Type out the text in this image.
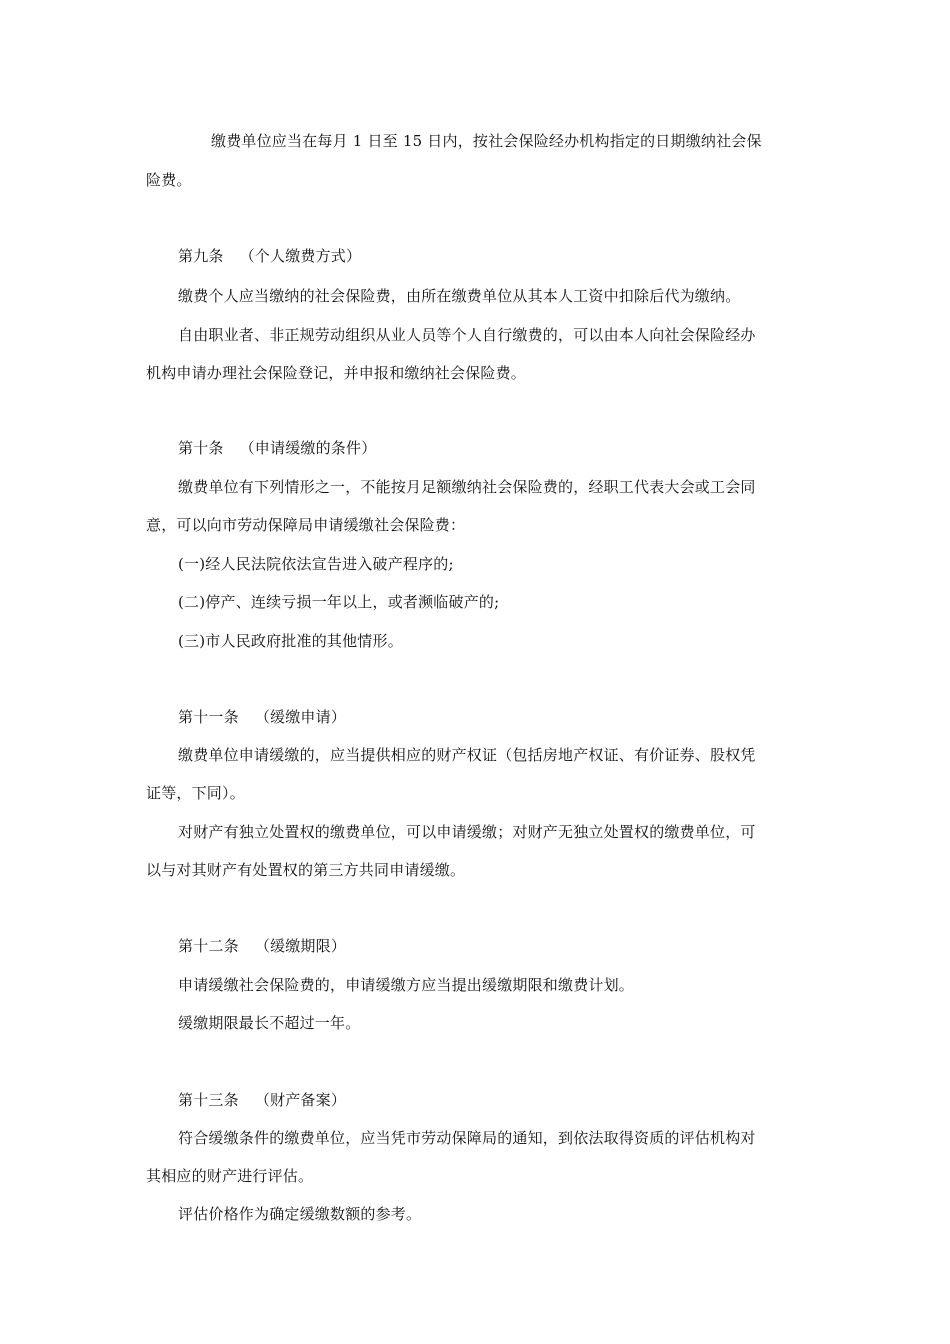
缴费单位应当在每月 1 日至 15 日内，按社会保险经办机构指定的日期缴纳社会保
险费。
第九条 （个人缴费方式）
缴费个人应当缴纳的社会保险费，由所在缴费单位从其本人工资中扣除后代为缴纳。
自由职业者、非正规劳动组织从业人员等个人自行缴费的，可以由本人向社会保险经办
机构申请办理社会保险登记，并申报和缴纳社会保险费。
第十条 （申请缓缴的条件）
缴费单位有下列情形之一，不能按月足额缴纳社会保险费的，经职工代表大会或工会同
意，可以向市劳动保障局申请缓缴社会保险费：
(一)经人民法院依法宣告进入破产程序的;
(二)停产、连续亏损一年以上，或者濒临破产的;
(三)市人民政府批准的其他情形。
第十一条 （缓缴申请）
缴费单位申请缓缴的，应当提供相应的财产权证（包括房地产权证、有价证券、股权凭
证等，下同）。
对财产有独立处置权的缴费单位，可以申请缓缴；对财产无独立处置权的缴费单位，可
以与对其财产有处置权的第三方共同申请缓缴。
第十二条 （缓缴期限）
申请缓缴社会保险费的，申请缓缴方应当提出缓缴期限和缴费计划。
缓缴期限最长不超过一年。
第十三条 （财产备案）
符合缓缴条件的缴费单位，应当凭市劳动保障局的通知，到依法取得资质的评估机构对
其相应的财产进行评估。
评估价格作为确定缓缴数额的参考。
